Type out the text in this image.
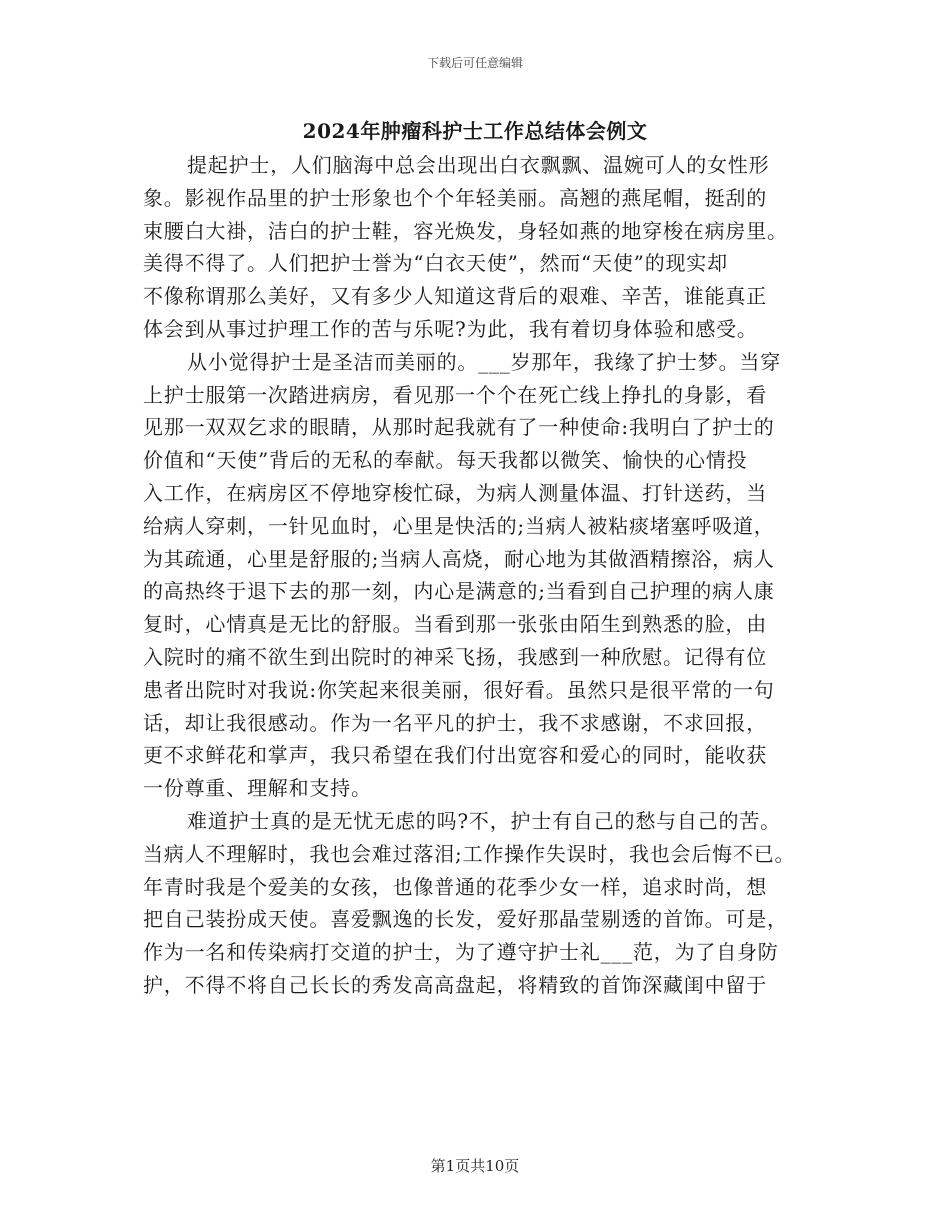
下载后可任意编辑
2024年肿瘤科护士工作总结体会例文
提起护士，人们脑海中总会出现出白衣飘飘、温婉可人的女性形
象。影视作品里的护士形象也个个年轻美丽。高翘的燕尾帽，挺刮的
束腰白大褂，洁白的护士鞋，容光焕发，身轻如燕的地穿梭在病房里。
美得不得了。人们把护士誉为“白衣天使”，然而“天使”的现实却
不像称谓那么美好，又有多少人知道这背后的艰难、辛苦，谁能真正
体会到从事过护理工作的苦与乐呢?为此，我有着切身体验和感受。
从小觉得护士是圣洁而美丽的。___岁那年，我缘了护士梦。当穿
上护士服第一次踏进病房，看见那一个个在死亡线上挣扎的身影，看
见那一双双乞求的眼睛，从那时起我就有了一种使命:我明白了护士的
价值和“天使”背后的无私的奉献。每天我都以微笑、愉快的心情投
入工作，在病房区不停地穿梭忙碌，为病人测量体温、打针送药，当
给病人穿刺，一针见血时，心里是快活的;当病人被粘痰堵塞呼吸道，
为其疏通，心里是舒服的;当病人高烧，耐心地为其做酒精擦浴，病人
的高热终于退下去的那一刻，内心是满意的;当看到自己护理的病人康
复时，心情真是无比的舒服。当看到那一张张由陌生到熟悉的脸，由
入院时的痛不欲生到出院时的神采飞扬，我感到一种欣慰。记得有位
患者出院时对我说:你笑起来很美丽，很好看。虽然只是很平常的一句
话，却让我很感动。作为一名平凡的护士，我不求感谢，不求回报，
更不求鲜花和掌声，我只希望在我们付出宽容和爱心的同时，能收获
一份尊重、理解和支持。
难道护士真的是无忧无虑的吗?不，护士有自己的愁与自己的苦。
当病人不理解时，我也会难过落泪;工作操作失误时，我也会后悔不已。
年青时我是个爱美的女孩，也像普通的花季少女一样，追求时尚，想
把自己装扮成天使。喜爱飘逸的长发，爱好那晶莹剔透的首饰。可是，
作为一名和传染病打交道的护士，为了遵守护士礼___范，为了自身防
护，不得不将自己长长的秀发高高盘起，将精致的首饰深藏闺中留于
第1页共10页
